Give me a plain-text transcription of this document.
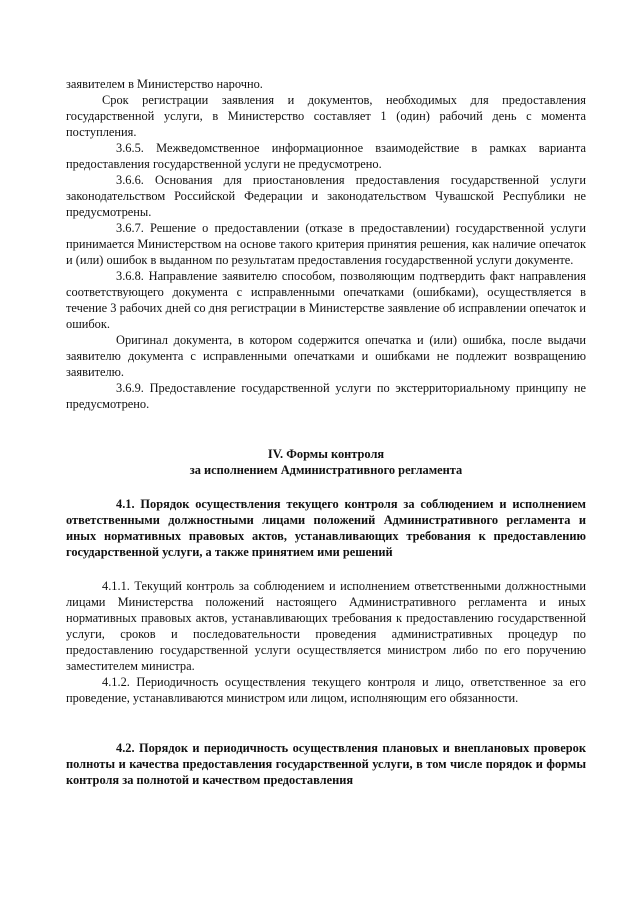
заявителем в Министерство нарочно.

Срок регистрации заявления и документов, необходимых для предоставления государственной услуги, в Министерство составляет 1 (один) рабочий день с момента поступления.

3.6.5. Межведомственное информационное взаимодействие в рамках варианта предоставления государственной услуги не предусмотрено.

3.6.6. Основания для приостановления предоставления государственной услуги законодательством Российской Федерации и законодательством Чувашской Республики не предусмотрены.

3.6.7. Решение о предоставлении (отказе в предоставлении) государственной услуги принимается Министерством на основе такого критерия принятия решения, как наличие опечаток и (или) ошибок в выданном по результатам предоставления государственной услуги документе.

3.6.8. Направление заявителю способом, позволяющим подтвердить факт направления соответствующего документа с исправленными опечатками (ошибками), осуществляется в течение 3 рабочих дней со дня регистрации в Министерстве заявление об исправлении опечаток и ошибок.

Оригинал документа, в котором содержится опечатка и (или) ошибка, после выдачи заявителю документа с исправленными опечатками и ошибками не подлежит возвращению заявителю.

3.6.9. Предоставление государственной услуги по экстерриториальному принципу не предусмотрено.

IV. Формы контроля

за исполнением Административного регламента

4.1. Порядок осуществления текущего контроля за соблюдением и исполнением ответственными должностными лицами положений Административного регламента и иных нормативных правовых актов, устанавливающих требования к предоставлению государственной услуги, а также принятием ими решений

4.1.1. Текущий контроль за соблюдением и исполнением ответственными должностными лицами Министерства положений настоящего Административного регламента и иных нормативных правовых актов, устанавливающих требования к предоставлению государственной услуги, сроков и последовательности проведения административных процедур по предоставлению государственной услуги осуществляется министром либо по его поручению заместителем министра.

4.1.2. Периодичность осуществления текущего контроля и лицо, ответственное за его проведение, устанавливаются министром или лицом, исполняющим его обязанности.

4.2. Порядок и периодичность осуществления плановых и внеплановых проверок полноты и качества предоставления государственной услуги, в том числе порядок и формы контроля за полнотой и качеством предоставления
